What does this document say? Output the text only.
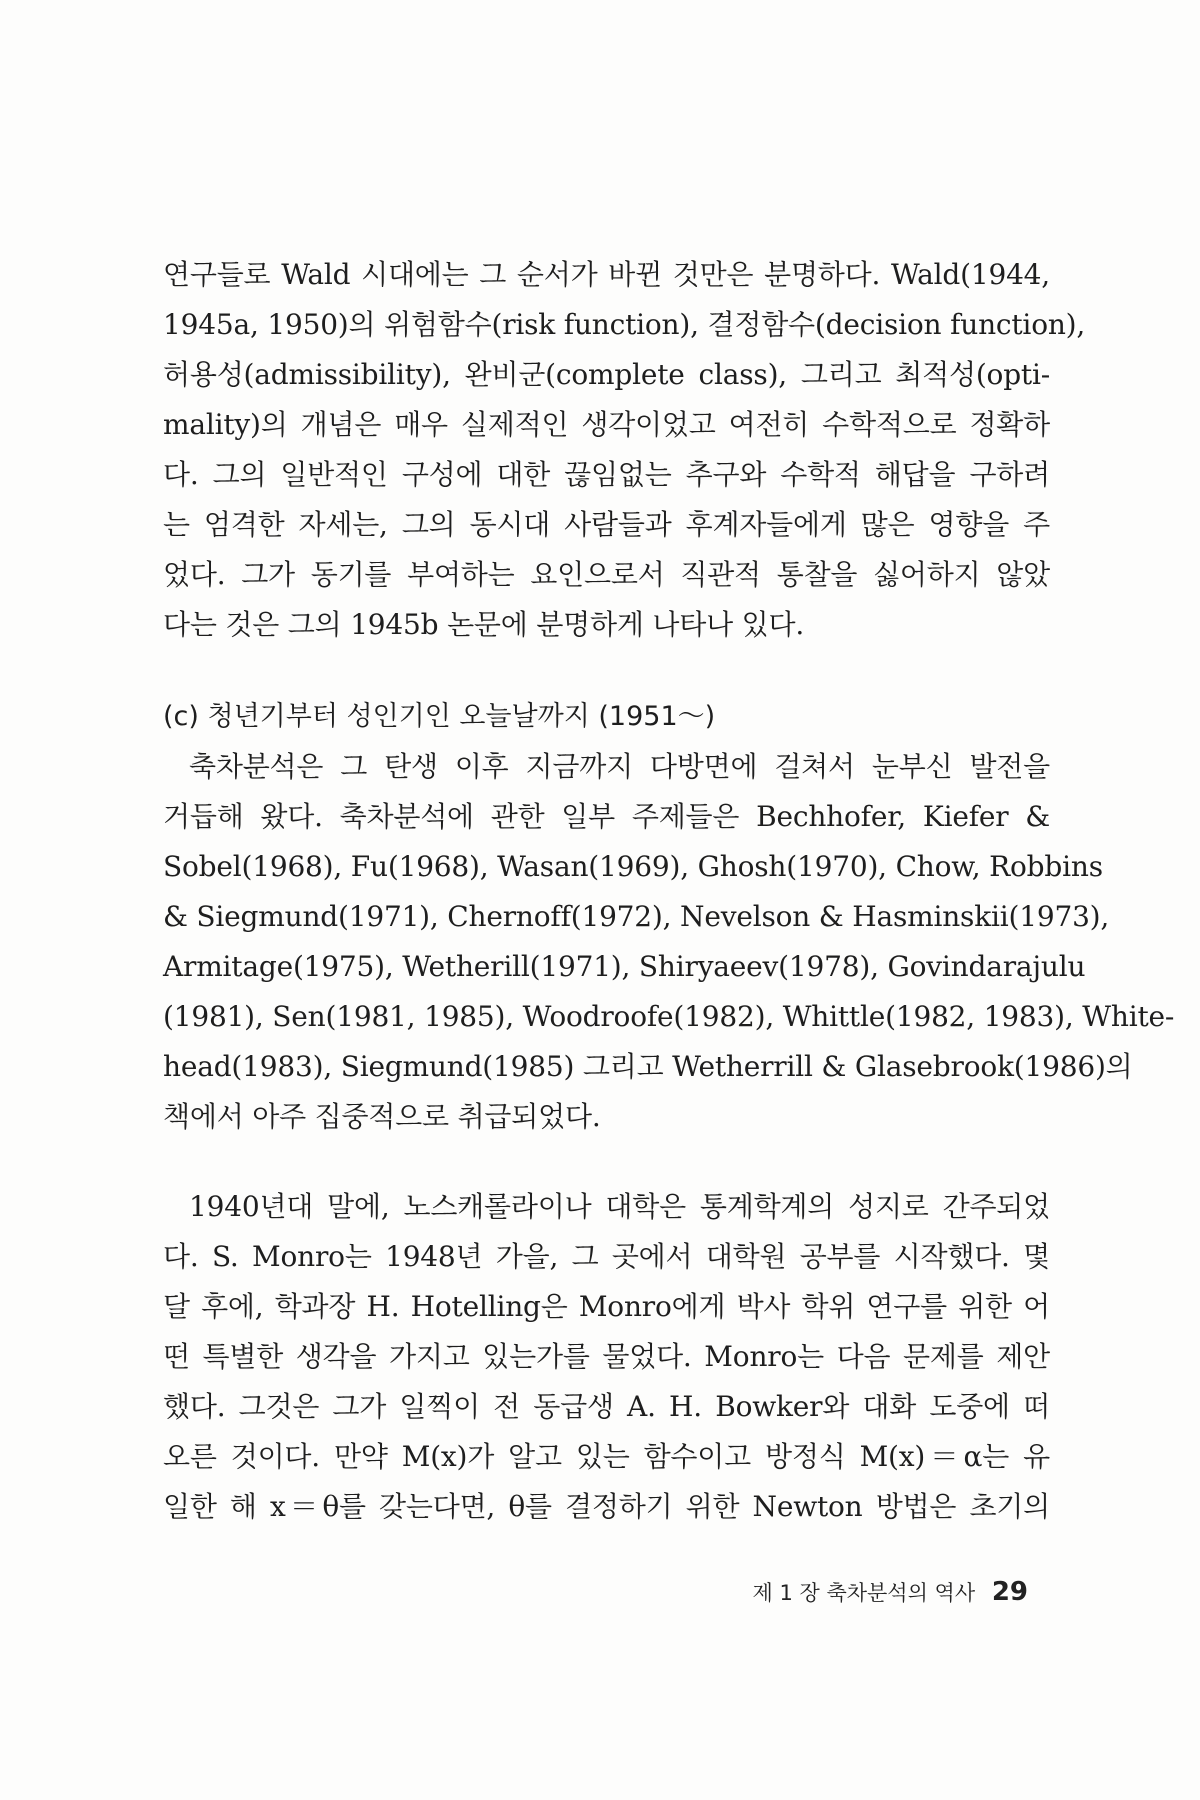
연구들로 Wald 시대에는 그 순서가 바뀐 것만은 분명하다. Wald(1944,
1945a, 1950)의 위험함수(risk function), 결정함수(decision function),
허용성(admissibility), 완비군(complete class), 그리고 최적성(opti-
mality)의 개념은 매우 실제적인 생각이었고 여전히 수학적으로 정확하
다. 그의 일반적인 구성에 대한 끊임없는 추구와 수학적 해답을 구하려
는 엄격한 자세는, 그의 동시대 사람들과 후계자들에게 많은 영향을 주
었다. 그가 동기를 부여하는 요인으로서 직관적 통찰을 싫어하지 않았
다는 것은 그의 1945b 논문에 분명하게 나타나 있다.
(c) 청년기부터 성인기인 오늘날까지 (1951～)
축차분석은 그 탄생 이후 지금까지 다방면에 걸쳐서 눈부신 발전을
거듭해 왔다. 축차분석에 관한 일부 주제들은 Bechhofer, Kiefer &
Sobel(1968), Fu(1968), Wasan(1969), Ghosh(1970), Chow, Robbins
& Siegmund(1971), Chernoff(1972), Nevelson & Hasminskii(1973),
Armitage(1975), Wetherill(1971), Shiryaeev(1978), Govindarajulu
(1981), Sen(1981, 1985), Woodroofe(1982), Whittle(1982, 1983), White-
head(1983), Siegmund(1985) 그리고 Wetherrill & Glasebrook(1986)의
책에서 아주 집중적으로 취급되었다.
1940년대 말에, 노스캐롤라이나 대학은 통계학계의 성지로 간주되었
다. S. Monro는 1948년 가을, 그 곳에서 대학원 공부를 시작했다. 몇
달 후에, 학과장 H. Hotelling은 Monro에게 박사 학위 연구를 위한 어
떤 특별한 생각을 가지고 있는가를 물었다. Monro는 다음 문제를 제안
했다. 그것은 그가 일찍이 전 동급생 A. H. Bowker와 대화 도중에 떠
오른 것이다. 만약 M(x)가 알고 있는 함수이고 방정식 M(x)＝α는 유
일한 해 x＝θ를 갖는다면, θ를 결정하기 위한 Newton 방법은 초기의
제 1 장 축차분석의 역사 29
